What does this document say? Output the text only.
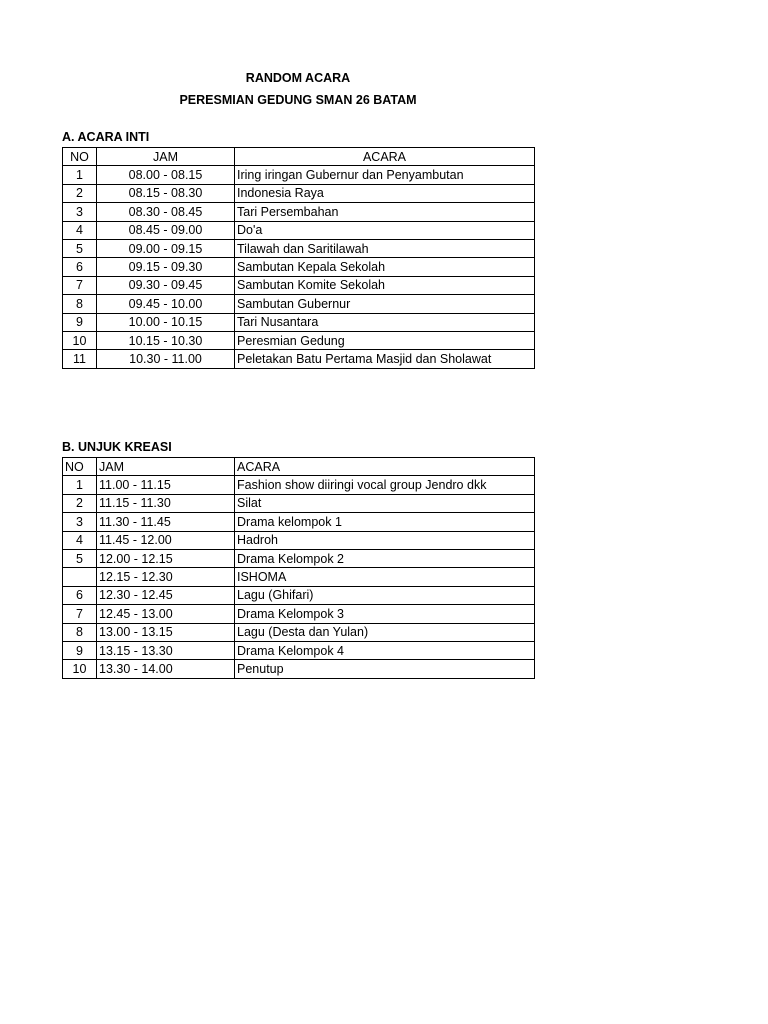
RANDOM ACARA
PERESMIAN GEDUNG SMAN 26 BATAM
A. ACARA INTI
NO	JAM	ACARA
1	08.00 - 08.15	Iring iringan Gubernur dan Penyambutan
2	08.15 - 08.30	Indonesia Raya
3	08.30 - 08.45	Tari Persembahan
4	08.45 - 09.00	Do'a
5	09.00 - 09.15	Tilawah dan Saritilawah
6	09.15 - 09.30	Sambutan Kepala Sekolah
7	09.30 - 09.45	Sambutan Komite Sekolah
8	09.45 - 10.00	Sambutan Gubernur
9	10.00 - 10.15	Tari Nusantara
10	10.15 - 10.30	Peresmian Gedung
11	10.30 - 11.00	Peletakan Batu Pertama Masjid dan Sholawat
B. UNJUK KREASI
NO	JAM	ACARA
1	11.00 - 11.15	Fashion show diiringi vocal group Jendro dkk
2	11.15 - 11.30	Silat
3	11.30 - 11.45	Drama kelompok 1
4	11.45 - 12.00	Hadroh
5	12.00 - 12.15	Drama Kelompok 2
	12.15 - 12.30	ISHOMA
6	12.30 - 12.45	Lagu (Ghifari)
7	12.45 - 13.00	Drama Kelompok 3
8	13.00 - 13.15	Lagu (Desta dan Yulan)
9	13.15 - 13.30	Drama Kelompok 4
10	13.30 - 14.00	Penutup
